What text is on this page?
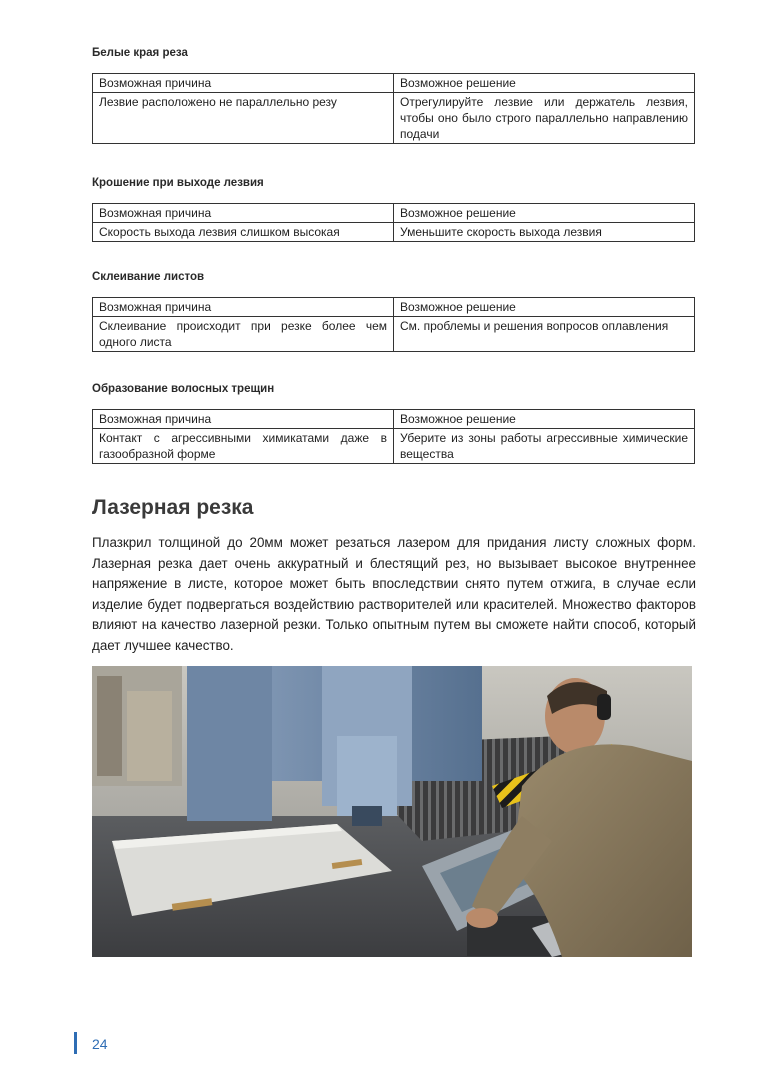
Белые края реза
Возможная причина	Возможное решение
Лезвие расположено не параллельно резу	Отрегулируйте лезвие или держатель лезвия, чтобы оно было строго параллельно направлению подачи
Крошение при выходе лезвия
Возможная причина	Возможное решение
Скорость выхода лезвия слишком высокая	Уменьшите скорость выхода лезвия
Склеивание листов
Возможная причина	Возможное решение
Склеивание происходит при резке более чем одного листа	См. проблемы и решения вопросов оплавления
Образование волосных трещин
Возможная причина	Возможное решение
Контакт с агрессивными химикатами даже в газообразной форме	Уберите из зоны работы агрессивные химические вещества
Лазерная резка
Плазкрил толщиной до 20мм может резаться лазером для придания листу сложных форм. Лазерная резка дает очень аккуратный и блестящий рез, но вызывает высокое внутреннее напряжение в листе, которое может быть впоследствии снято путем отжига, в случае если изделие будет подвергаться воздействию растворителей или красителей. Множество факторов влияют на качество лазерной резки. Только опытным путем вы сможете найти способ, который дает лучшее качество.
24
